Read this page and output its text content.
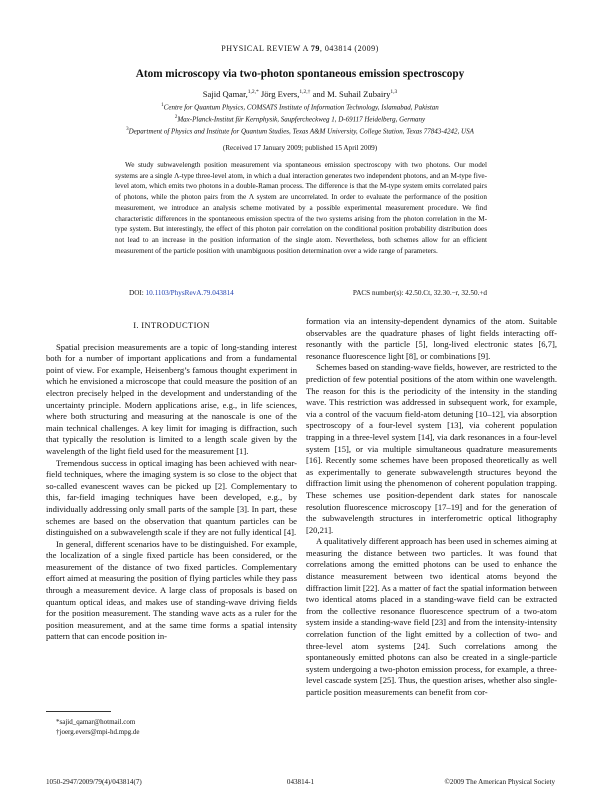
PHYSICAL REVIEW A 79, 043814 (2009)
Atom microscopy via two-photon spontaneous emission spectroscopy
Sajid Qamar,$^{1,2,*}$ Jörg Evers,$^{1,2,\dagger}$ and M. Suhail Zubairy$^{1,3}$
$^1$Centre for Quantum Physics, COMSATS Institute of Information Technology, Islamabad, Pakistan
$^2$Max-Planck-Institut für Kernphysik, Saupfercheckweg 1, D-69117 Heidelberg, Germany
$^3$Department of Physics and Institute for Quantum Studies, Texas A&M University, College Station, Texas 77843-4242, USA
(Received 17 January 2009; published 15 April 2009)

We study subwavelength position measurement via spontaneous emission spectroscopy with two photons. Our model systems are a single Λ-type three-level atom, in which a dual interaction generates two independent photons, and an M-type five-level atom, which emits two photons in a double-Raman process. The difference is that the M-type system emits correlated pairs of photons, while the photon pairs from the Λ system are uncorrelated. In order to evaluate the performance of the position measurement, we introduce an analysis scheme motivated by a possible experimental measurement procedure. We find characteristic differences in the spontaneous emission spectra of the two systems arising from the photon correlation in the M-type system. But interestingly, the effect of this photon pair correlation on the conditional position probability distribution does not lead to an increase in the position information of the single atom. Nevertheless, both schemes allow for an efficient measurement of the particle position with unambiguous position determination over a wide range of parameters.

DOI: 10.1103/PhysRevA.79.043814	PACS number(s): 42.50.Ct, 32.30.−r, 32.50.+d
I. INTRODUCTION

Spatial precision measurements are a topic of long-standing interest both for a number of important applications and from a fundamental point of view. For example, Heisenberg’s famous thought experiment in which he envisioned a microscope that could measure the position of an electron precisely helped in the development and understanding of the uncertainty principle. Modern applications arise, e.g., in life sciences, where both structuring and measuring at the nanoscale is one of the main technical challenges. A key limit for imaging is diffraction, such that typically the resolution is limited to a length scale given by the wavelength of the light field used for the measurement [1].

Tremendous success in optical imaging has been achieved with near-field techniques, where the imaging system is so close to the object that so-called evanescent waves can be picked up [2]. Complementary to this, far-field imaging techniques have been developed, e.g., by individually addressing only small parts of the sample [3]. In part, these schemes are based on the observation that quantum particles can be distinguished on a subwavelength scale if they are not fully identical [4].

In general, different scenarios have to be distinguished. For example, the localization of a single fixed particle has been considered, or the measurement of the distance of two fixed particles. Complementary effort aimed at measuring the position of flying particles while they pass through a measurement device. A large class of proposals is based on quantum optical ideas, and makes use of standing-wave driving fields for the position measurement. The standing wave acts as a ruler for the position measurement, and at the same time forms a spatial intensity pattern that can encode position in-

formation via an intensity-dependent dynamics of the atom. Suitable observables are the quadrature phases of light fields interacting off-resonantly with the particle [5], long-lived electronic states [6,7], resonance fluorescence light [8], or combinations [9].

Schemes based on standing-wave fields, however, are restricted to the prediction of few potential positions of the atom within one wavelength. The reason for this is the periodicity of the intensity in the standing wave. This restriction was addressed in subsequent work, for example, via a control of the vacuum field-atom detuning [10–12], via absorption spectroscopy of a four-level system [13], via coherent population trapping in a three-level system [14], via dark resonances in a four-level system [15], or via multiple simultaneous quadrature measurements [16]. Recently some schemes have been proposed theoretically as well as experimentally to generate subwavelength structures beyond the diffraction limit using the phenomenon of coherent population trapping. These schemes use position-dependent dark states for nanoscale resolution fluorescence microscopy [17–19] and for the generation of the subwavelength structures in interferometric optical lithography [20,21].

A qualitatively different approach has been used in schemes aiming at measuring the distance between two particles. It was found that correlations among the emitted photons can be used to enhance the distance measurement between two identical atoms beyond the diffraction limit [22]. As a matter of fact the spatial information between two identical atoms placed in a standing-wave field can be extracted from the collective resonance fluorescence spectrum of a two-atom system inside a standing-wave field [23] and from the intensity-intensity correlation function of the light emitted by a collection of two- and three-level atom systems [24]. Such correlations among the spontaneously emitted photons can also be created in a single-particle system undergoing a two-photon emission process, for example, a three-level cascade system [25]. Thus, the question arises, whether also single-particle position measurements can benefit from cor-

*sajid_qamar@hotmail.com
†joerg.evers@mpi-hd.mpg.de
1050-2947/2009/79(4)/043814(7)	043814-1	©2009 The American Physical Society
